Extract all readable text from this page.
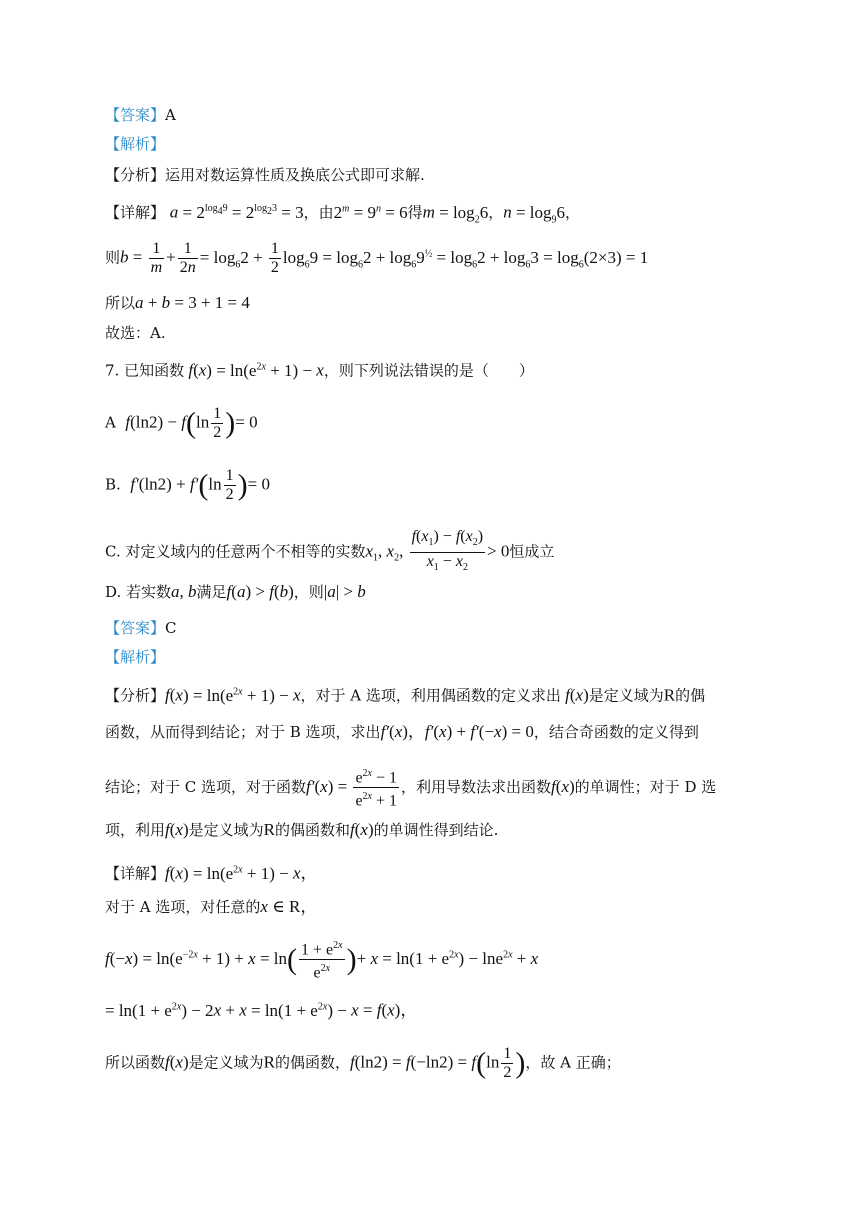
【答案】A
【解析】
【分析】运用对数运算性质及换底公式即可求解.
【详解】 $a = 2^{log_49} = 2^{log_23} = 3$，由$2^m = 9^n = 6$得$m = \log_26$，$n = \log_96$，
则$b = \frac{1}{m} + \frac{1}{2n} = \log_62 + \frac{1}{2} \log_69 = \log_62 + \log_69^{\frac{1}{2}} = \log_62 + \log_63 = \log_6(2\times 3) = 1$
所以a + b = 3 + 1 = 4
故选：A.
7. 已知函数 $f(x) = \ln(e^{2x} + 1) - x$，则下列说法错误的是（　　）
A $f(\ln 2) - f(\ln \frac{1}{2}$ )= 0
B. $f'(\ln 2) + f'(\ln \frac{1}{2}$ )= 0
C. 对定义域内的任意两个不相等的实数$x_1$, $x_2$, $\frac{f(x_1) - f(x_2)}{x_1 - x_2} > 0$恒成立
D. 若实数a, b满足f(a) > f(b)，则|a| > b
【答案】C
【解析】
【分析】$f(x) = \ln(e^{2x} + 1) - x$，对于 A 选项，利用偶函数的定义求出 f(x)是定义域为R的偶
函数，从而得到结论；对于 B 选项，求出f′(x)，f′(x) + f′(−x) = 0，结合奇函数的定义得到
结论；对于 C 选项，对于函数$f'(x) = \frac{e^{2x} - 1}{e^{2x} + 1}$ ，利用导数法求出函数f(x)的单调性；对于 D 选
项，利用f(x)是定义域为R的偶函数和f(x)的单调性得到结论.
【详解】$f(x) = \ln(e^{2x} + 1) - x$，
对于 A 选项，对任意的x ∈ R，
$f(-x) = \ln(e^{-2x} + 1) + x = \ln( \frac{1 + e^{2x}}{e^{2x}}$ )+ $x = \ln(1 + e^{2x}) - \ln e^{2x} + x$
= $\ln(1 + e^{2x}) - 2x + x = \ln(1 + e^{2x}) - x = f(x)$，
所以函数f(x)是定义域为R的偶函数，$f(\ln 2) = f(-\ln 2) = f(\ln \frac{1}{2}$ )，故 A 正确；
